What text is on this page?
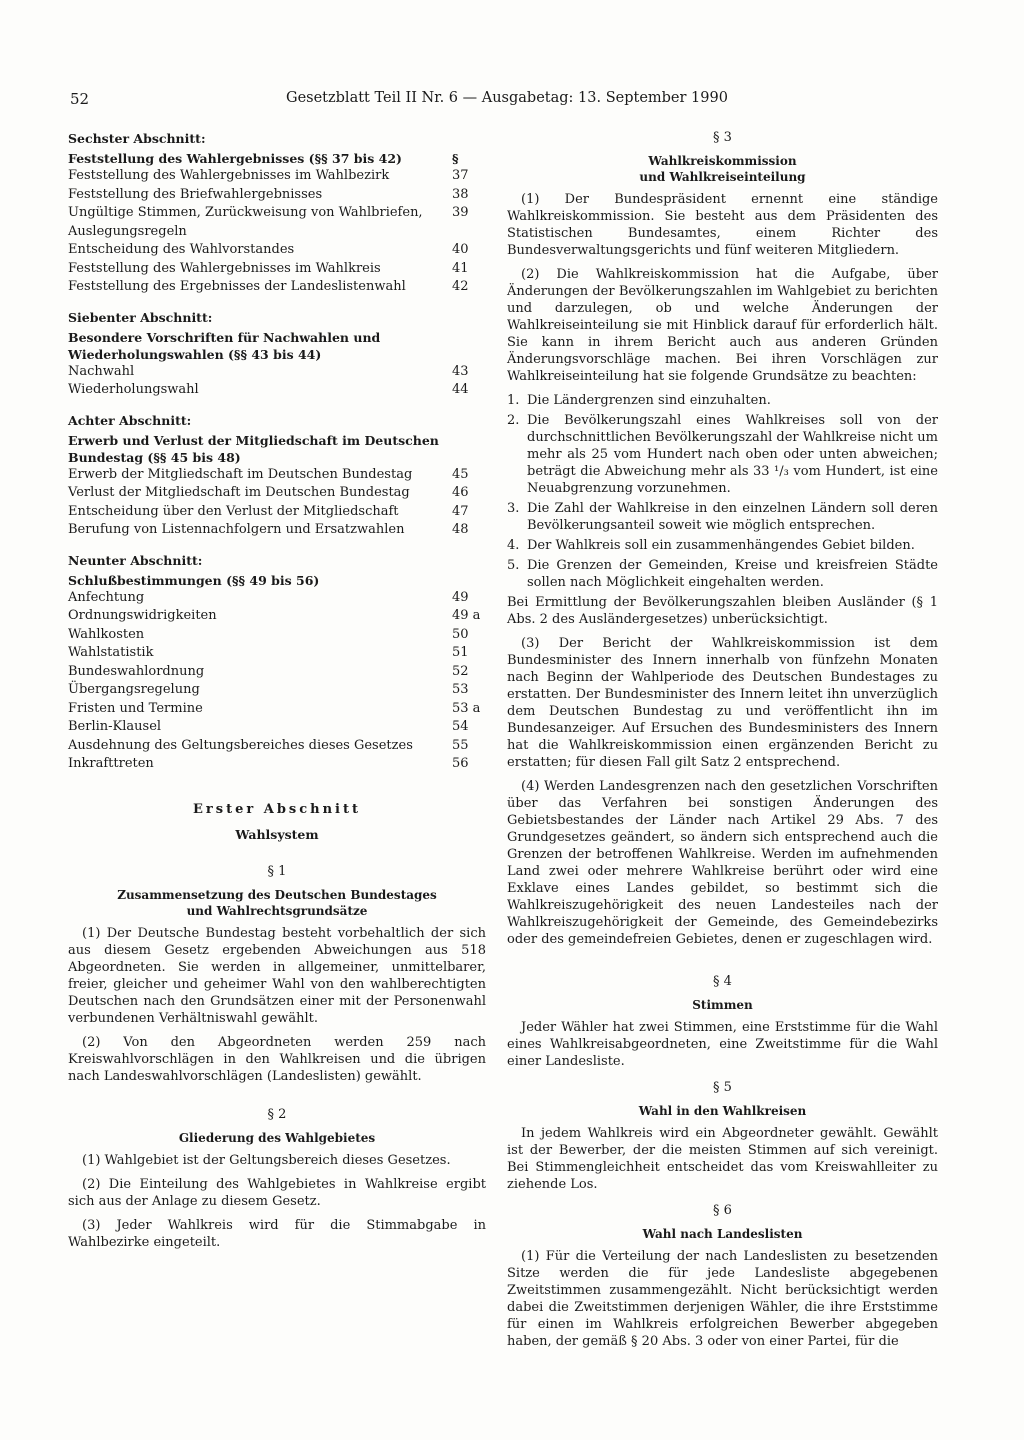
52	Gesetzblatt Teil II Nr. 6 — Ausgabetag: 13. September 1990
Sechster Abschnitt:
Feststellung des Wahlergebnisses (§§ 37 bis 42)	§
Feststellung des Wahlergebnisses im Wahlbezirk	37
Feststellung des Briefwahlergebnisses	38
Ungültige Stimmen, Zurückweisung von Wahlbriefen, Auslegungsregeln
39
Entscheidung des Wahlvorstandes	40
Feststellung des Wahlergebnisses im Wahlkreis	41
Feststellung des Ergebnisses der Landeslistenwahl	42
Siebenter Abschnitt:
Besondere Vorschriften für Nachwahlen und Wiederholungswahlen (§§ 43 bis 44)
Nachwahl	43
Wiederholungswahl	44
Achter Abschnitt:
Erwerb und Verlust der Mitgliedschaft im Deutschen Bundestag (§§ 45 bis 48)
Erwerb der Mitgliedschaft im Deutschen Bundestag	45
Verlust der Mitgliedschaft im Deutschen Bundestag	46
Entscheidung über den Verlust der Mitgliedschaft	47
Berufung von Listennachfolgern und Ersatzwahlen	48
Neunter Abschnitt:
Schlußbestimmungen (§§ 49 bis 56)
Anfechtung	49
Ordnungswidrigkeiten	49 a
Wahlkosten	50
Wahlstatistik	51
Bundeswahlordnung	52
Übergangsregelung	53
Fristen und Termine	53 a
Berlin-Klausel	54
Ausdehnung des Geltungsbereiches dieses Gesetzes	55
Inkrafttreten	56
Erster Abschnitt
Wahlsystem
§ 1
Zusammensetzung des Deutschen Bundestages
und Wahlrechtsgrundsätze

(1) Der Deutsche Bundestag besteht vorbehaltlich der sich aus diesem Gesetz ergebenden Abweichungen aus 518 Abgeordneten. Sie werden in allgemeiner, unmittelbarer, freier, gleicher und geheimer Wahl von den wahlberechtigten Deutschen nach den Grundsätzen einer mit der Personenwahl verbundenen Verhältniswahl gewählt.

(2) Von den Abgeordneten werden 259 nach Kreiswahlvorschlägen in den Wahlkreisen und die übrigen nach Landeswahlvorschlägen (Landeslisten) gewählt.

§ 2
Gliederung des Wahlgebietes

(1) Wahlgebiet ist der Geltungsbereich dieses Gesetzes.

(2) Die Einteilung des Wahlgebietes in Wahlkreise ergibt sich aus der Anlage zu diesem Gesetz.

(3) Jeder Wahlkreis wird für die Stimmabgabe in Wahlbezirke eingeteilt.

§ 3
Wahlkreiskommission
und Wahlkreiseinteilung

(1) Der Bundespräsident ernennt eine ständige Wahlkreiskommission. Sie besteht aus dem Präsidenten des Statistischen Bundesamtes, einem Richter des Bundesverwaltungsgerichts und fünf weiteren Mitgliedern.

(2) Die Wahlkreiskommission hat die Aufgabe, über Änderungen der Bevölkerungszahlen im Wahlgebiet zu berichten und darzulegen, ob und welche Änderungen der Wahlkreiseinteilung sie mit Hinblick darauf für erforderlich hält. Sie kann in ihrem Bericht auch aus anderen Gründen Änderungsvorschläge machen. Bei ihren Vorschlägen zur Wahlkreiseinteilung hat sie folgende Grundsätze zu beachten:

1. Die Ländergrenzen sind einzuhalten.
2. Die Bevölkerungszahl eines Wahlkreises soll von der durchschnittlichen Bevölkerungszahl der Wahlkreise nicht um mehr als 25 vom Hundert nach oben oder unten abweichen; beträgt die Abweichung mehr als 33 ¹/₃ vom Hundert, ist eine Neuabgrenzung vorzunehmen.
3. Die Zahl der Wahlkreise in den einzelnen Ländern soll deren Bevölkerungsanteil soweit wie möglich entsprechen.
4. Der Wahlkreis soll ein zusammenhängendes Gebiet bilden.
5. Die Grenzen der Gemeinden, Kreise und kreisfreien Städte sollen nach Möglichkeit eingehalten werden.

Bei Ermittlung der Bevölkerungszahlen bleiben Ausländer (§ 1 Abs. 2 des Ausländergesetzes) unberücksichtigt.

(3) Der Bericht der Wahlkreiskommission ist dem Bundesminister des Innern innerhalb von fünfzehn Monaten nach Beginn der Wahlperiode des Deutschen Bundestages zu erstatten. Der Bundesminister des Innern leitet ihn unverzüglich dem Deutschen Bundestag zu und veröffentlicht ihn im Bundesanzeiger. Auf Ersuchen des Bundesministers des Innern hat die Wahlkreiskommission einen ergänzenden Bericht zu erstatten; für diesen Fall gilt Satz 2 entsprechend.

(4) Werden Landesgrenzen nach den gesetzlichen Vorschriften über das Verfahren bei sonstigen Änderungen des Gebietsbestandes der Länder nach Artikel 29 Abs. 7 des Grundgesetzes geändert, so ändern sich entsprechend auch die Grenzen der betroffenen Wahlkreise. Werden im aufnehmenden Land zwei oder mehrere Wahlkreise berührt oder wird eine Exklave eines Landes gebildet, so bestimmt sich die Wahlkreiszugehörigkeit des neuen Landesteiles nach der Wahlkreiszugehörigkeit der Gemeinde, des Gemeindebezirks oder des gemeindefreien Gebietes, denen er zugeschlagen wird.

§ 4
Stimmen

Jeder Wähler hat zwei Stimmen, eine Erststimme für die Wahl eines Wahlkreisabgeordneten, eine Zweitstimme für die Wahl einer Landesliste.

§ 5
Wahl in den Wahlkreisen

In jedem Wahlkreis wird ein Abgeordneter gewählt. Gewählt ist der Bewerber, der die meisten Stimmen auf sich vereinigt. Bei Stimmengleichheit entscheidet das vom Kreiswahlleiter zu ziehende Los.

§ 6
Wahl nach Landeslisten

(1) Für die Verteilung der nach Landeslisten zu besetzenden Sitze werden die für jede Landesliste abgegebenen Zweitstimmen zusammengezählt. Nicht berücksichtigt werden dabei die Zweitstimmen derjenigen Wähler, die ihre Erststimme für einen im Wahlkreis erfolgreichen Bewerber abgegeben haben, der gemäß § 20 Abs. 3 oder von einer Partei, für die
